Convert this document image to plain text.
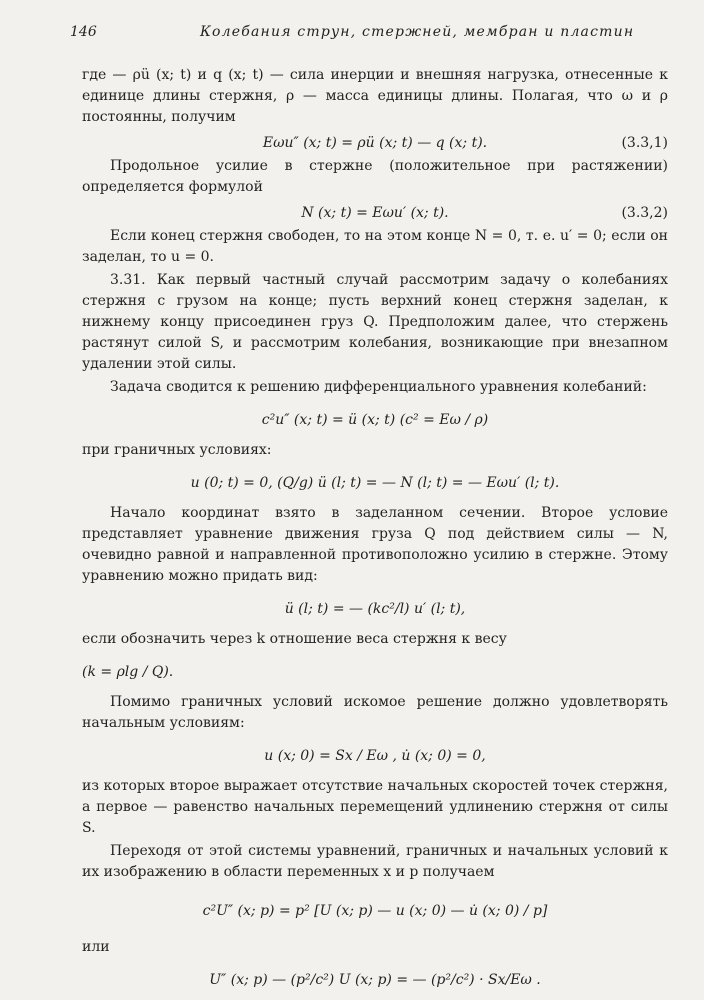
146	Колебания струн, стержней, мембран и пластин

где — ρü (x; t) и q (x; t) — сила инерции и внешняя нагрузка, отнесенные к единице длины стержня, ρ — масса единицы длины. Полагая, что ω и ρ постоянны, получим

Eωu″ (x; t) = ρü (x; t) — q (x; t).	(3.3,1)

Продольное усилие в стержне (положительное при растяжении) определяется формулой

N (x; t) = Eωu′ (x; t).	(3.3,2)

Если конец стержня свободен, то на этом конце N = 0, т. е. u′ = 0; если он заделан, то u = 0.

3.31. Как первый частный случай рассмотрим задачу о колебаниях стержня с грузом на конце; пусть верхний конец стержня заделан, к нижнему концу присоединен груз Q. Предположим далее, что стержень растянут силой S, и рассмотрим колебания, возникающие при внезапном удалении этой силы.

Задача сводится к решению дифференциального уравнения колебаний:

c²u″ (x; t) = ü (x; t) (c² = Eω / ρ)

при граничных условиях:

u (0; t) = 0, (Q/g) ü (l; t) = — N (l; t) = — Eωu′ (l; t).

Начало координат взято в заделанном сечении. Второе условие представляет уравнение движения груза Q под действием силы — N, очевидно равной и направленной противоположно усилию в стержне. Этому уравнению можно придать вид:

ü (l; t) = — (kc²/l) u′ (l; t),

если обозначить через k отношение веса стержня к весу

(k = ρlg / Q).

Помимо граничных условий искомое решение должно удовлетворять начальным условиям:

u (x; 0) = Sx / Eω , u̇ (x; 0) = 0,

из которых второе выражает отсутствие начальных скоростей точек стержня, а первое — равенство начальных перемещений удлинению стержня от силы S.

Переходя от этой системы уравнений, граничных и начальных условий к их изображению в области переменных x и p получаем

c²U″ (x; p) = p² [U (x; p) — u (x; 0) — u̇ (x; 0) / p]

или

U″ (x; p) — (p²/c²) U (x; p) = — (p²/c²) · Sx/Eω .
